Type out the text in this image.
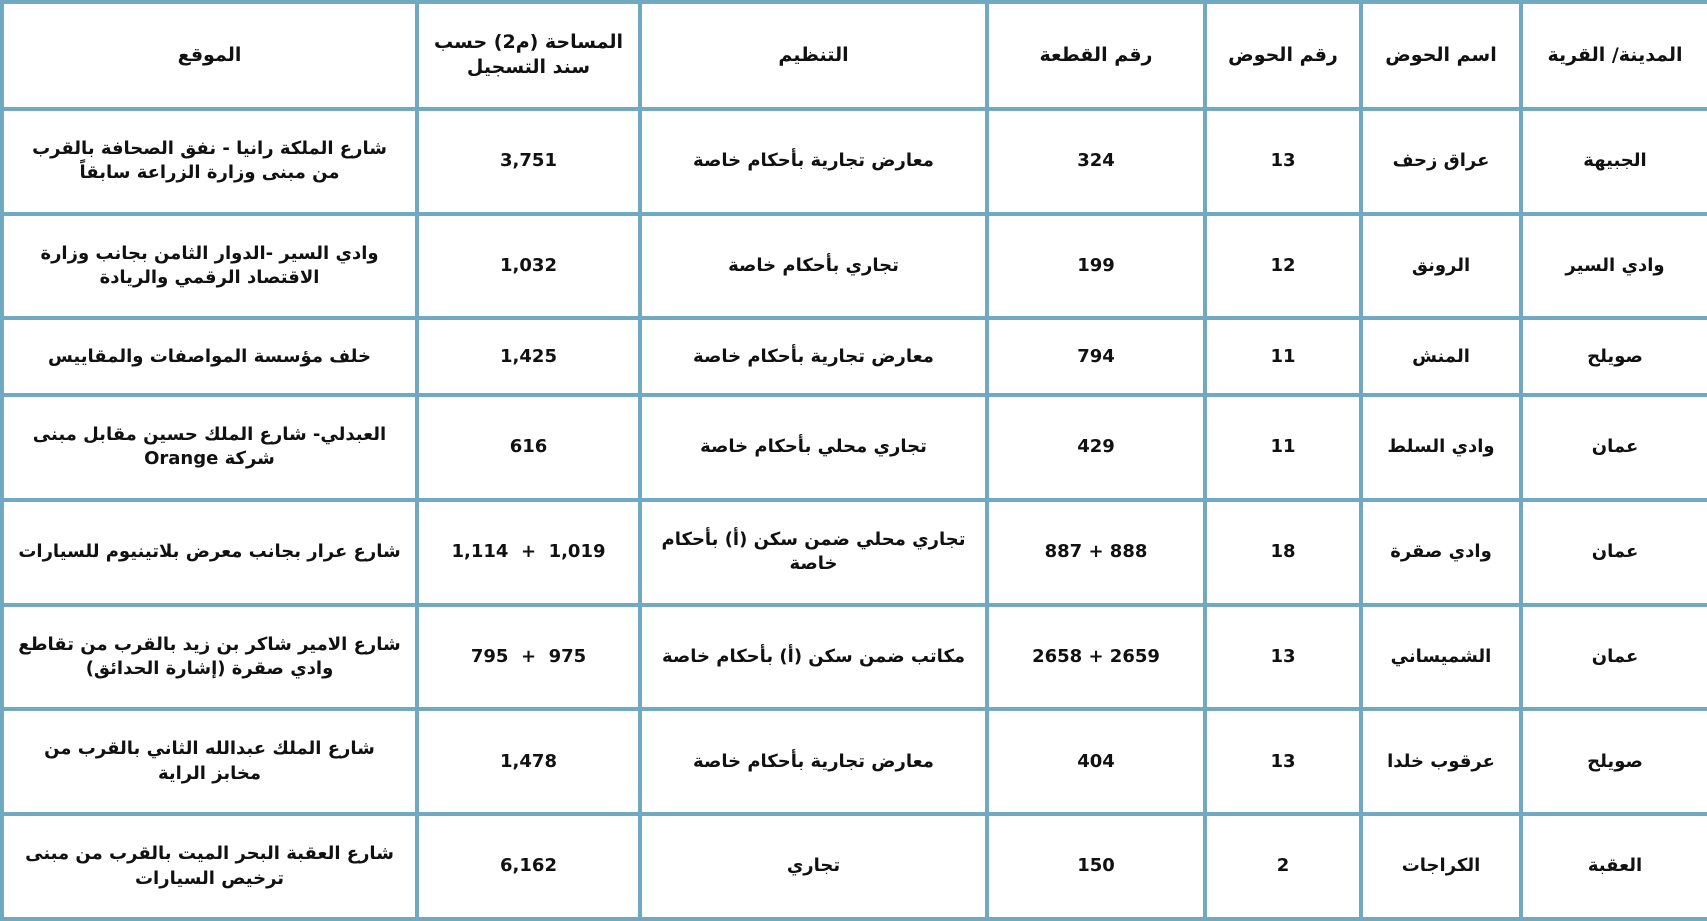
المدينة/ القرية	اسم الحوض	رقم الحوض	رقم القطعة	التنظيم	المساحة (م2) حسب سند التسجيل	الموقع
الجبيهة	عراق زحف	13	324	معارض تجارية بأحكام خاصة	3,751	شارع الملكة رانيا - نفق الصحافة بالقرب من مبنى وزارة الزراعة سابقاً
وادي السير	الرونق	12	199	تجاري بأحكام خاصة	1,032	وادي السير -الدوار الثامن بجانب وزارة الاقتصاد الرقمي والريادة
صويلح	المنش	11	794	معارض تجارية بأحكام خاصة	1,425	خلف مؤسسة المواصفات والمقاييس
عمان	وادي السلط	11	429	تجاري محلي بأحكام خاصة	616	العبدلي- شارع الملك حسين مقابل مبنى شركة Orange
عمان	وادي صقرة	18	887 + 888	تجاري محلي ضمن سكن (أ) بأحكام خاصة	1,114  +  1,019	شارع عرار بجانب معرض بلاتينيوم للسيارات
عمان	الشميساني	13	2658 + 2659	مكاتب ضمن سكن (أ) بأحكام خاصة	795  +  975	شارع الامير شاكر بن زيد بالقرب من تقاطع وادي صقرة (إشارة الحدائق)
صويلح	عرقوب خلدا	13	404	معارض تجارية بأحكام خاصة	1,478	شارع الملك عبدالله الثاني بالقرب من مخابز الراية
العقبة	الكراجات	2	150	تجاري	6,162	شارع العقبة البحر الميت بالقرب من مبنى ترخيص السيارات
